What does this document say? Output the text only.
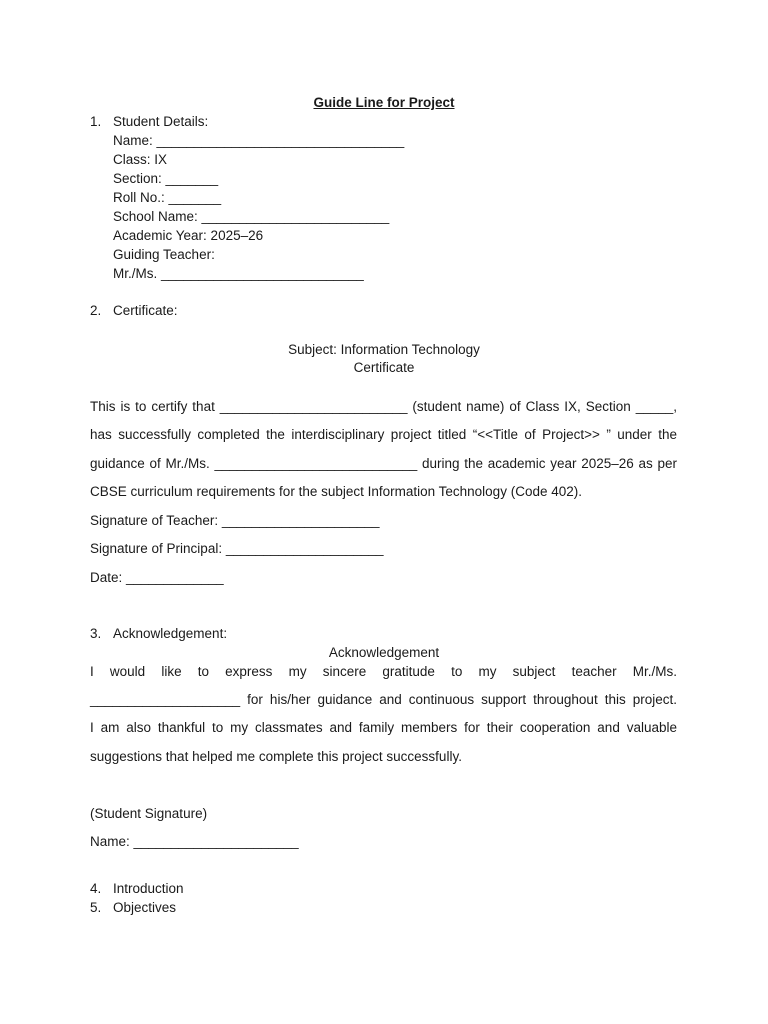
Guide Line for Project
1. Student Details:
Name: _________________________________
Class: IX
Section: _______
Roll No.: _______
School Name: _________________________
Academic Year: 2025–26
Guiding Teacher:
Mr./Ms. ___________________________
2. Certificate:
Subject: Information Technology
Certificate
This is to certify that _________________________ (student name) of Class IX, Section _____,
has successfully completed the interdisciplinary project titled “<<Title of Project>> ” under the
guidance of Mr./Ms. ___________________________ during the academic year 2025–26 as per
CBSE curriculum requirements for the subject Information Technology (Code 402).
Signature of Teacher: _____________________
Signature of Principal: _____________________
Date: _____________
3. Acknowledgement:
Acknowledgement
I would like to express my sincere gratitude to my subject teacher Mr./Ms.
____________________ for his/her guidance and continuous support throughout this project.
I am also thankful to my classmates and family members for their cooperation and valuable
suggestions that helped me complete this project successfully.
(Student Signature)
Name: ______________________
4. Introduction
5. Objectives
